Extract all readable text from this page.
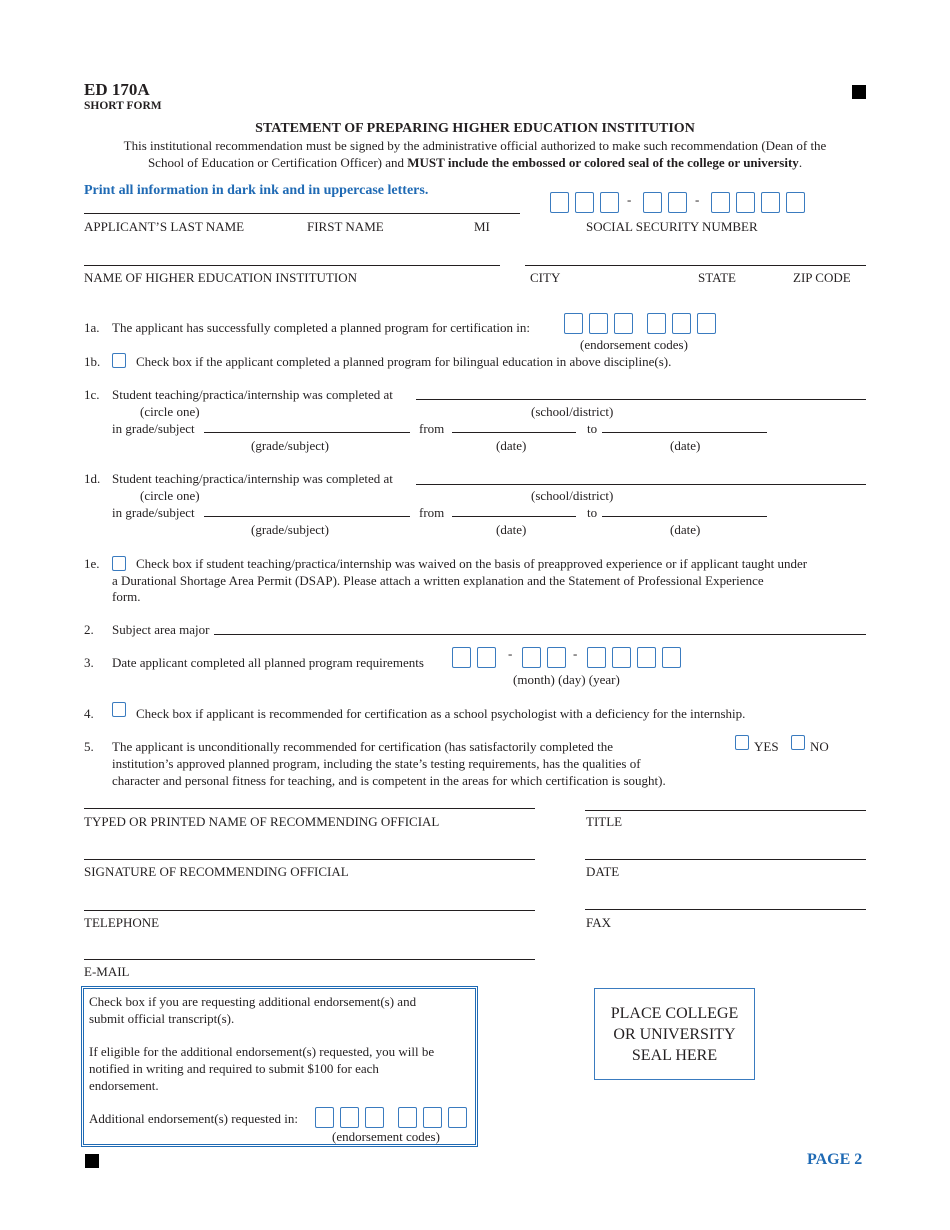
ED 170A
SHORT FORM
STATEMENT OF PREPARING HIGHER EDUCATION INSTITUTION
This institutional recommendation must be signed by the administrative official authorized to make such recommendation (Dean of the
School of Education or Certification Officer) and MUST include the embossed or colored seal of the college or university.
Print all information in dark ink and in uppercase letters.
APPLICANT’S LAST NAME	FIRST NAME	MI
-	-
SOCIAL SECURITY NUMBER
NAME OF HIGHER EDUCATION INSTITUTION	CITY	STATE	ZIP CODE
1a. The applicant has successfully completed a planned program for certification in:
(endorsement codes)
1b.	Check box if the applicant completed a planned program for bilingual education in above discipline(s).
1c. Student teaching/practica/internship was completed at
(circle one)	(school/district)
in grade/subject	from	to
(grade/subject)	(date)	(date)
1d. Student teaching/practica/internship was completed at
(circle one)	(school/district)
in grade/subject	from	to
(grade/subject)	(date)	(date)
1e.	Check box if student teaching/practica/internship was waived on the basis of preapproved experience or if applicant taught under
a Durational Shortage Area Permit (DSAP). Please attach a written explanation and the Statement of Professional Experience
form.
2. Subject area major
3. Date applicant completed all planned program requirements
-	-
(month) (day) (year)
4.	Check box if applicant is recommended for certification as a school psychologist with a deficiency for the internship.
5. The applicant is unconditionally recommended for certification (has satisfactorily completed the
institution’s approved planned program, including the state’s testing requirements, has the qualities of
character and personal fitness for teaching, and is competent in the areas for which certification is sought).
YES NO
TYPED OR PRINTED NAME OF RECOMMENDING OFFICIAL	TITLE
SIGNATURE OF RECOMMENDING OFFICIAL	DATE
TELEPHONE	FAX
E-MAIL
Check box if you are requesting additional endorsement(s) and
submit official transcript(s).
If eligible for the additional endorsement(s) requested, you will be
notified in writing and required to submit $100 for each
endorsement.
Additional endorsement(s) requested in:
(endorsement codes)
PLACE COLLEGE
OR UNIVERSITY
SEAL HERE
PAGE 2
